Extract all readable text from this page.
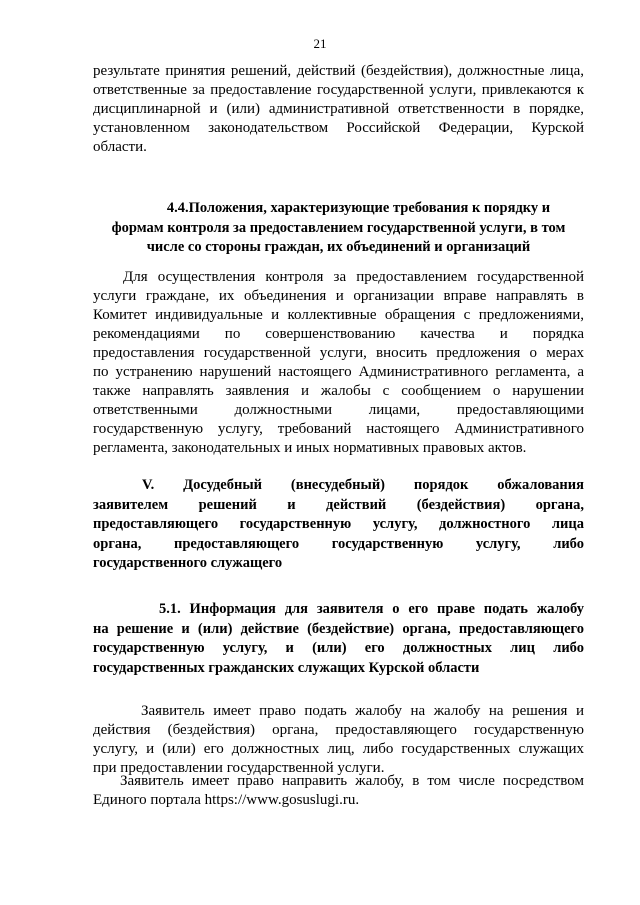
21
результате принятия решений, действий (бездействия), должностные лица,
ответственные за предоставление государственной услуги, привлекаются к
дисциплинарной и (или) административной ответственности в порядке,
установленном законодательством Российской Федерации, Курской
области.
4.4.Положения, характеризующие требования к порядку и
формам контроля за предоставлением государственной услуги, в том
числе со стороны граждан, их объединений и организаций
Для осуществления контроля за предоставлением государственной
услуги граждане, их объединения и организации вправе направлять в
Комитет индивидуальные и коллективные обращения с предложениями,
рекомендациями по совершенствованию качества и порядка
предоставления государственной услуги, вносить предложения о мерах
по устранению нарушений настоящего Административного регламента, а
также направлять заявления и жалобы с сообщением о нарушении
ответственными должностными лицами, предоставляющими
государственную услугу, требований настоящего Административного
регламента, законодательных и иных нормативных правовых актов.
V. Досудебный (внесудебный) порядок обжалования
заявителем решений и действий (бездействия) органа,
предоставляющего государственную услугу, должностного лица
органа, предоставляющего государственную услугу, либо
государственного служащего
5.1. Информация для заявителя о его праве подать жалобу
на решение и (или) действие (бездействие) органа, предоставляющего
государственную услугу, и (или) его должностных лиц либо
государственных гражданских служащих Курской области
Заявитель имеет право подать жалобу на жалобу на решения и
действия (бездействия) органа, предоставляющего государственную
услугу, и (или) его должностных лиц, либо государственных служащих
при предоставлении государственной услуги.
Заявитель имеет право направить жалобу, в том числе посредством
Единого портала https://www.gosuslugi.ru.
